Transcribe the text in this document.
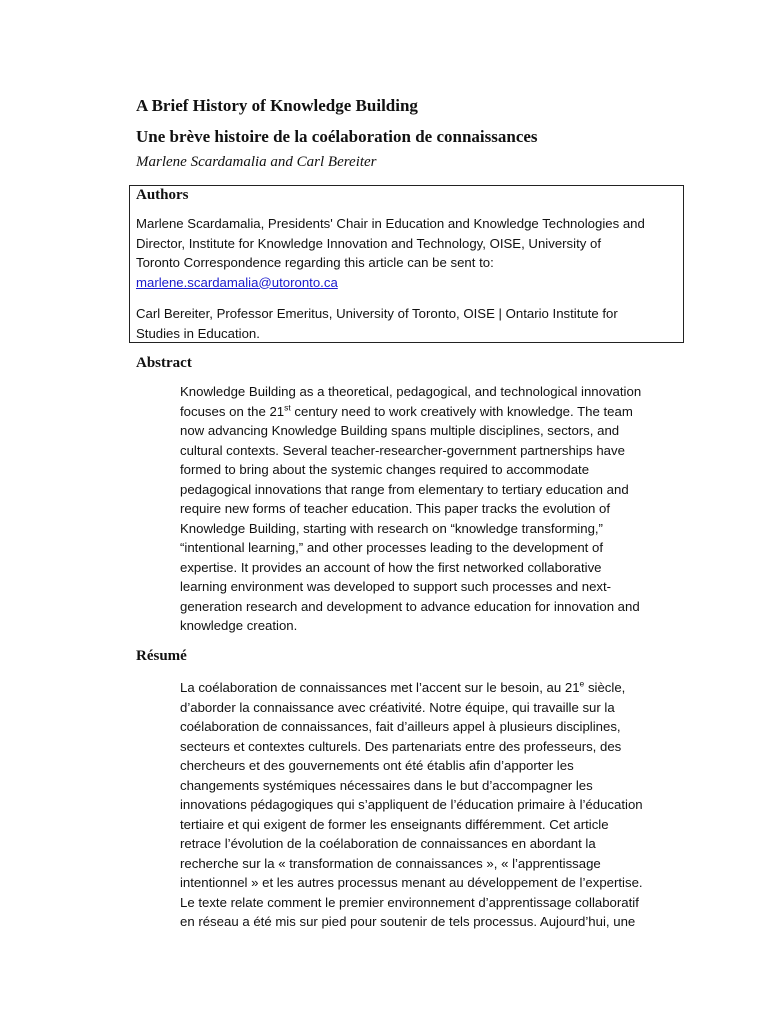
A Brief History of Knowledge Building
Une brève histoire de la coélaboration de connaissances
Marlene Scardamalia and Carl Bereiter
Authors
Marlene Scardamalia, Presidents' Chair in Education and Knowledge Technologies and
Director, Institute for Knowledge Innovation and Technology, OISE, University of
Toronto Correspondence regarding this article can be sent to:
marlene.scardamalia@utoronto.ca
Carl Bereiter, Professor Emeritus, University of Toronto, OISE | Ontario Institute for
Studies in Education.
Abstract
Knowledge Building as a theoretical, pedagogical, and technological innovation
focuses on the 21st century need to work creatively with knowledge. The team
now advancing Knowledge Building spans multiple disciplines, sectors, and
cultural contexts. Several teacher-researcher-government partnerships have
formed to bring about the systemic changes required to accommodate
pedagogical innovations that range from elementary to tertiary education and
require new forms of teacher education. This paper tracks the evolution of
Knowledge Building, starting with research on “knowledge transforming,”
“intentional learning,” and other processes leading to the development of
expertise. It provides an account of how the first networked collaborative
learning environment was developed to support such processes and next-
generation research and development to advance education for innovation and
knowledge creation.
Résumé
La coélaboration de connaissances met l’accent sur le besoin, au 21e siècle,
d’aborder la connaissance avec créativité. Notre équipe, qui travaille sur la
coélaboration de connaissances, fait d’ailleurs appel à plusieurs disciplines,
secteurs et contextes culturels. Des partenariats entre des professeurs, des
chercheurs et des gouvernements ont été établis afin d’apporter les
changements systémiques nécessaires dans le but d’accompagner les
innovations pédagogiques qui s’appliquent de l’éducation primaire à l’éducation
tertiaire et qui exigent de former les enseignants différemment. Cet article
retrace l’évolution de la coélaboration de connaissances en abordant la
recherche sur la « transformation de connaissances », « l’apprentissage
intentionnel » et les autres processus menant au développement de l’expertise.
Le texte relate comment le premier environnement d’apprentissage collaboratif
en réseau a été mis sur pied pour soutenir de tels processus. Aujourd’hui, une
